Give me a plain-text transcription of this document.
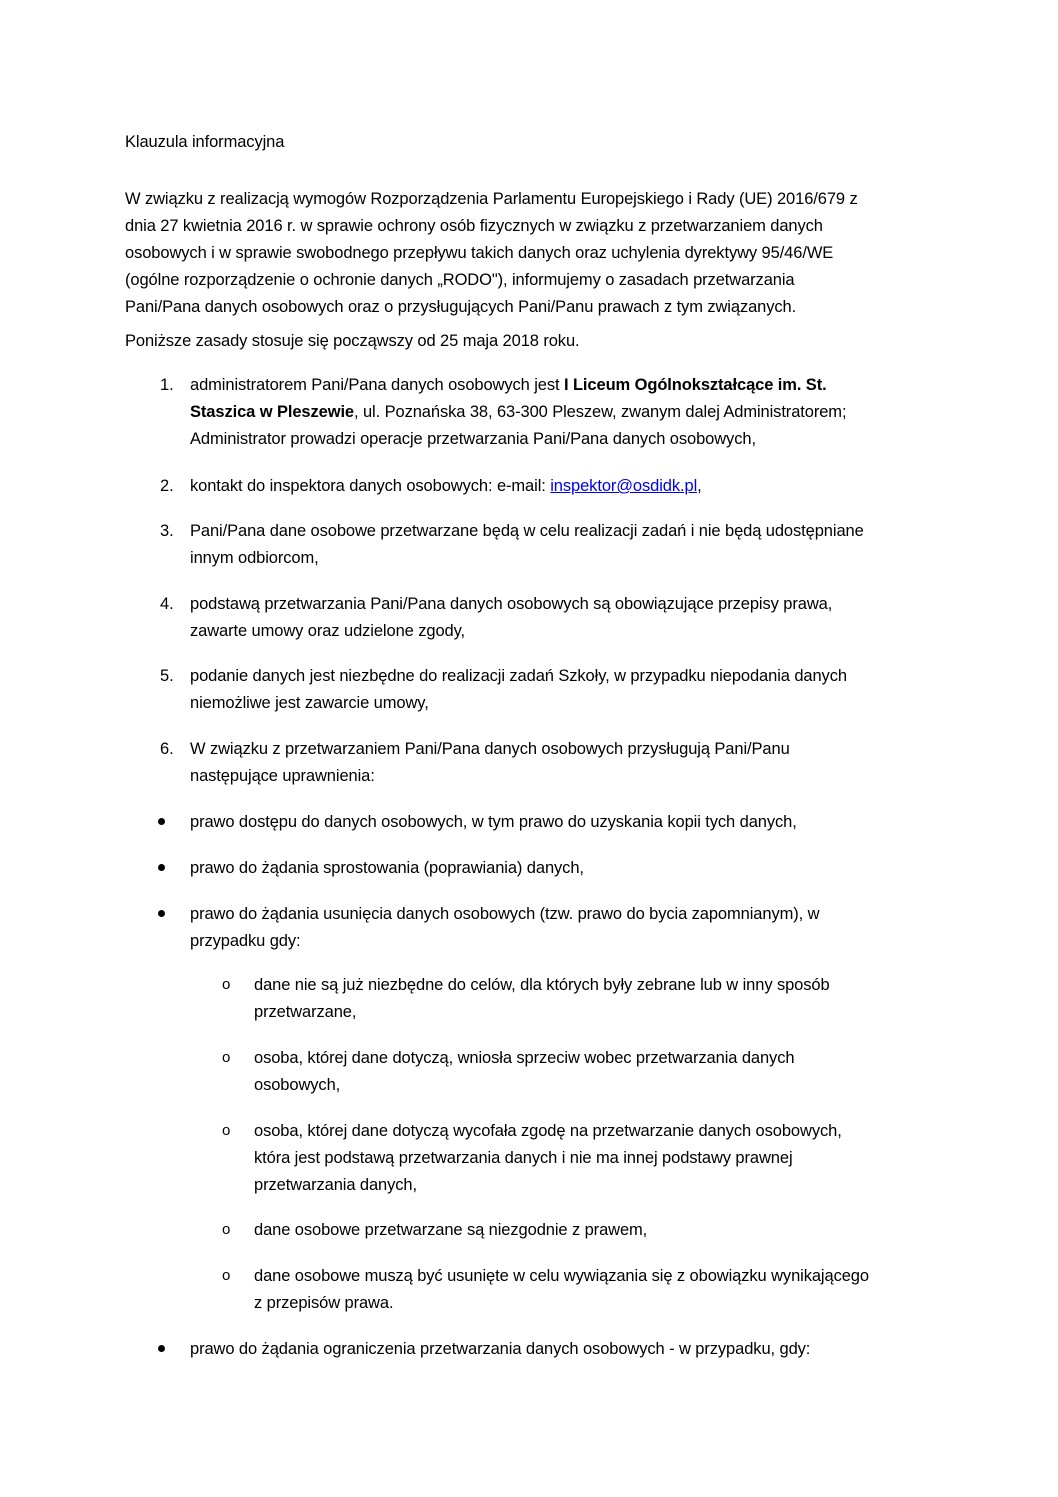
Klauzula informacyjna
W związku z realizacją wymogów Rozporządzenia Parlamentu Europejskiego i Rady (UE) 2016/679 z
dnia 27 kwietnia 2016 r. w sprawie ochrony osób fizycznych w związku z przetwarzaniem danych
osobowych i w sprawie swobodnego przepływu takich danych oraz uchylenia dyrektywy 95/46/WE
(ogólne rozporządzenie o ochronie danych „RODO"), informujemy o zasadach przetwarzania
Pani/Pana danych osobowych oraz o przysługujących Pani/Panu prawach z tym związanych.
Poniższe zasady stosuje się począwszy od 25 maja 2018 roku.
1. administratorem Pani/Pana danych osobowych jest I Liceum Ogólnokształcące im. St.
Staszica w Pleszewie, ul. Poznańska 38, 63-300 Pleszew, zwanym dalej Administratorem;
Administrator prowadzi operacje przetwarzania Pani/Pana danych osobowych,
2. kontakt do inspektora danych osobowych: e-mail: inspektor@osdidk.pl,
3. Pani/Pana dane osobowe przetwarzane będą w celu realizacji zadań i nie będą udostępniane
innym odbiorcom,
4. podstawą przetwarzania Pani/Pana danych osobowych są obowiązujące przepisy prawa,
zawarte umowy oraz udzielone zgody,
5. podanie danych jest niezbędne do realizacji zadań Szkoły, w przypadku niepodania danych
niemożliwe jest zawarcie umowy,
6. W związku z przetwarzaniem Pani/Pana danych osobowych przysługują Pani/Panu
następujące uprawnienia:
prawo dostępu do danych osobowych, w tym prawo do uzyskania kopii tych danych,
prawo do żądania sprostowania (poprawiania) danych,
prawo do żądania usunięcia danych osobowych (tzw. prawo do bycia zapomnianym), w
przypadku gdy:
o dane nie są już niezbędne do celów, dla których były zebrane lub w inny sposób
przetwarzane,
o osoba, której dane dotyczą, wniosła sprzeciw wobec przetwarzania danych
osobowych,
o osoba, której dane dotyczą wycofała zgodę na przetwarzanie danych osobowych,
która jest podstawą przetwarzania danych i nie ma innej podstawy prawnej
przetwarzania danych,
o dane osobowe przetwarzane są niezgodnie z prawem,
o dane osobowe muszą być usunięte w celu wywiązania się z obowiązku wynikającego
z przepisów prawa.
prawo do żądania ograniczenia przetwarzania danych osobowych - w przypadku, gdy:
